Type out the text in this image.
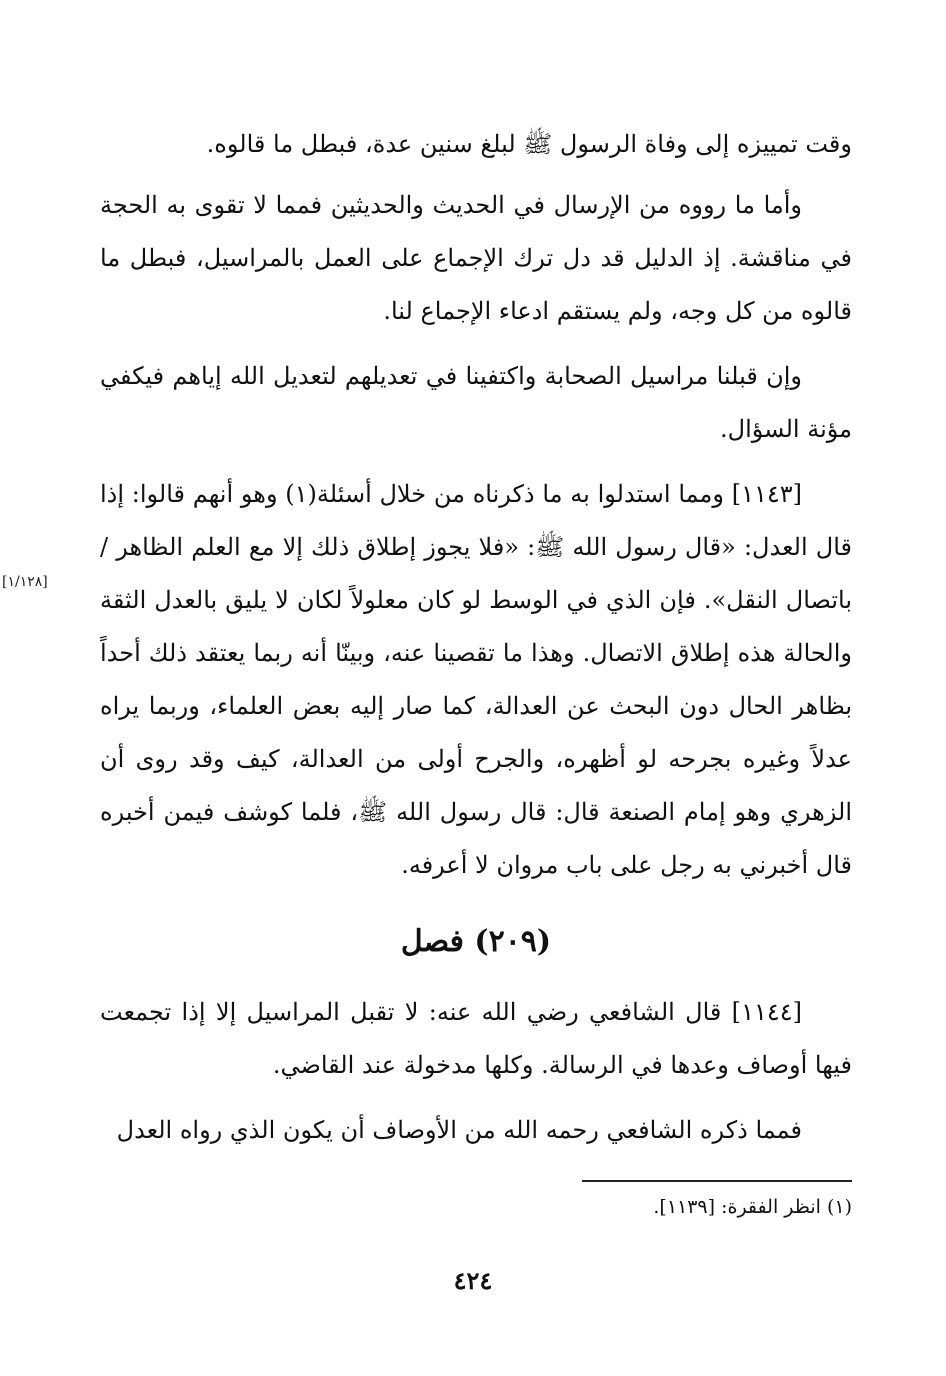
وقت تمييزه إلى وفاة الرسول ﷺ لبلغ سنين عدة، فبطل ما قالوه.

وأما ما رووه من الإرسال في الحديث والحديثين فمما لا تقوى به الحجة في مناقشة. إذ الدليل قد دل ترك الإجماع على العمل بالمراسيل، فبطل ما قالوه من كل وجه، ولم يستقم ادعاء الإجماع لنا.

وإن قبلنا مراسيل الصحابة واكتفينا في تعديلهم لتعديل الله إياهم فيكفي مؤنة السؤال.

[١١٤٣] ومما استدلوا به ما ذكرناه من خلال أسئلة(١) وهو أنهم قالوا: إذا قال العدل: «قال رسول الله ﷺ: «فلا يجوز إطلاق ذلك إلا مع العلم الظاهر / باتصال النقل». فإن الذي في الوسط لو كان معلولاً لكان لا يليق بالعدل الثقة والحالة هذه إطلاق الاتصال. وهذا ما تقصينا عنه، وبينّا أنه ربما يعتقد ذلك أحداً بظاهر الحال دون البحث عن العدالة، كما صار إليه بعض العلماء، وربما يراه عدلاً وغيره بجرحه لو أظهره، والجرح أولى من العدالة، كيف وقد روى أن الزهري وهو إمام الصنعة قال: قال رسول الله ﷺ، فلما كوشف فيمن أخبره قال أخبرني به رجل على باب مروان لا أعرفه.

(٢٠٩) فصل

[١١٤٤] قال الشافعي رضي الله عنه: لا تقبل المراسيل إلا إذا تجمعت فيها أوصاف وعدها في الرسالة. وكلها مدخولة عند القاضي.

فمما ذكره الشافعي رحمه الله من الأوصاف أن يكون الذي رواه العدل

[١/١٢٨]
(١) انظر الفقرة: [١١٣٩].
٤٢٤
